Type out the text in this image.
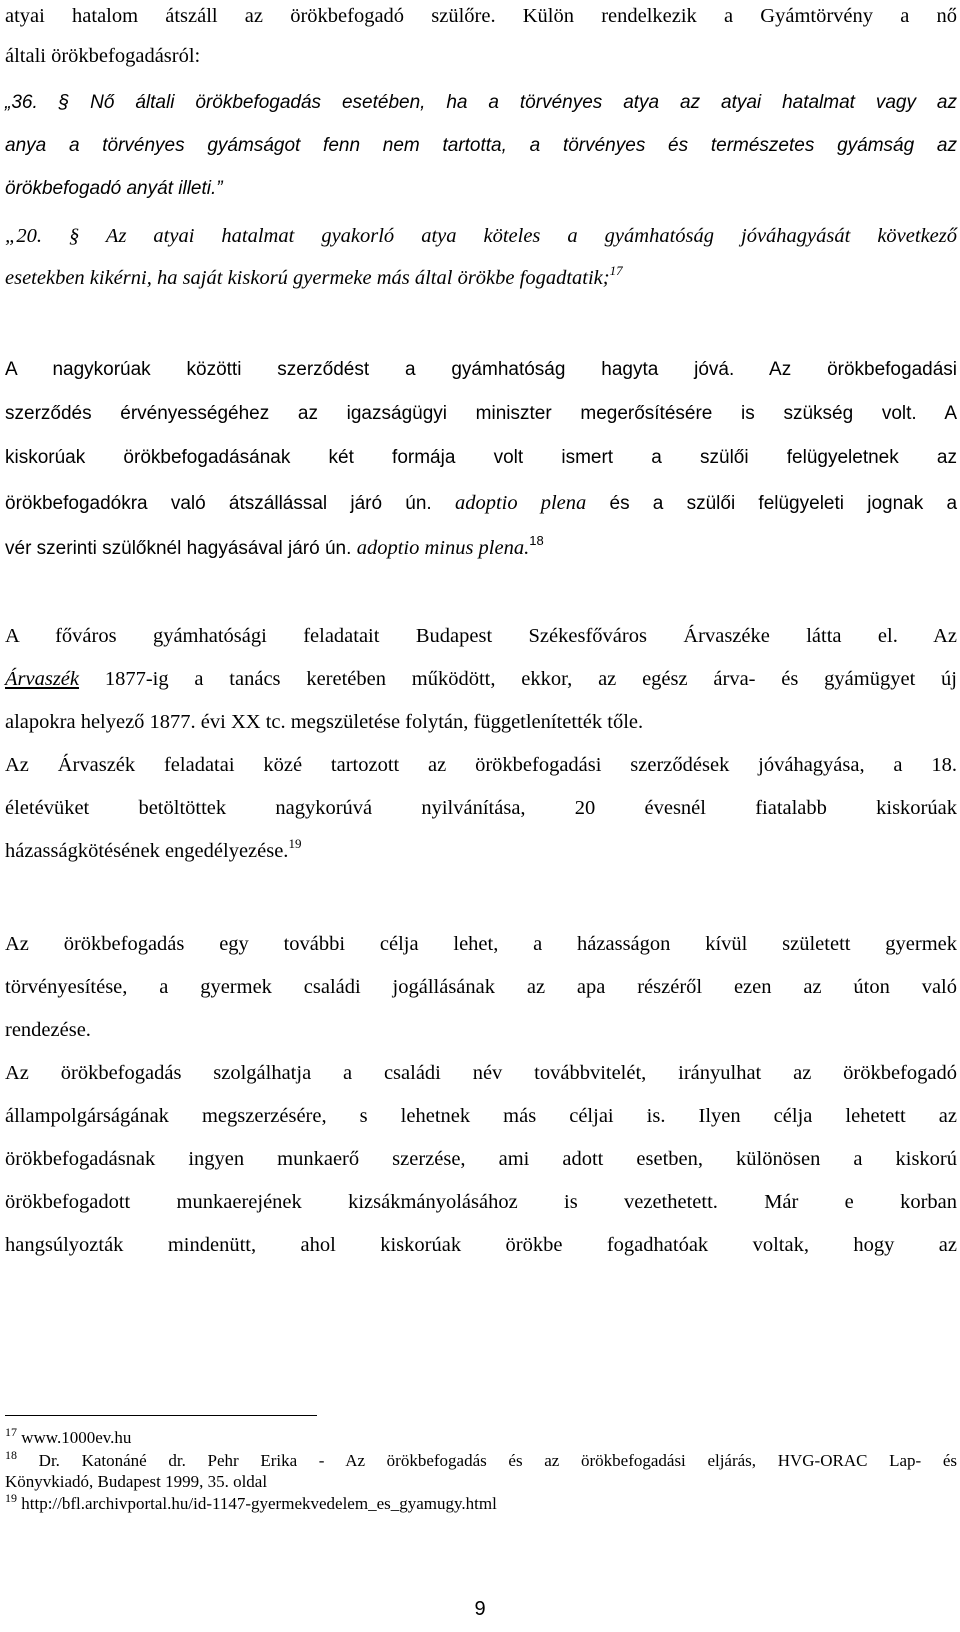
atyai hatalom átszáll az örökbefogadó szülőre. Külön rendelkezik a Gyámtörvény a nő

általi örökbefogadásról:

„36. § Nő általi örökbefogadás esetében, ha a törvényes atya az atyai hatalmat vagy az

anya a törvényes gyámságot fenn nem tartotta, a törvényes és természetes gyámság az

örökbefogadó anyát illeti.”

„20. § Az atyai hatalmat gyakorló atya köteles a gyámhatóság jóváhagyását következő

esetekben kikérni, ha saját kiskorú gyermeke más által örökbe fogadtatik;$^{17}$

A nagykorúak közötti szerződést a gyámhatóság hagyta jóvá. Az örökbefogadási

szerződés érvényességéhez az igazságügyi miniszter megerősítésére is szükség volt. A

kiskorúak örökbefogadásának két formája volt ismert a szülői felügyeletnek az

örökbefogadókra való átszállással járó ún. adoptio plena és a szülői felügyeleti jognak a

vér szerinti szülőknél hagyásával járó ún. adoptio minus plena.$^{18}$

A főváros gyámhatósági feladatait Budapest Székesfőváros Árvaszéke látta el. Az

Árvaszék 1877-ig a tanács keretében működött, ekkor, az egész árva- és gyámügyet új

alapokra helyező 1877. évi XX tc. megszületése folytán, függetlenítették tőle.

Az Árvaszék feladatai közé tartozott az örökbefogadási szerződések jóváhagyása, a 18.

életévüket betöltöttek nagykorúvá nyilvánítása, 20 évesnél fiatalabb kiskorúak

házasságkötésének engedélyezése.$^{19}$

Az örökbefogadás egy további célja lehet, a házasságon kívül született gyermek

törvényesítése, a gyermek családi jogállásának az apa részéről ezen az úton való

rendezése.

Az örökbefogadás szolgálhatja a családi név továbbvitelét, irányulhat az örökbefogadó

állampolgárságának megszerzésére, s lehetnek más céljai is. Ilyen célja lehetett az

örökbefogadásnak ingyen munkaerő szerzése, ami adott esetben, különösen a kiskorú

örökbefogadott munkaerejének kizsákmányolásához is vezethetett. Már e korban

hangsúlyozták mindenütt, ahol kiskorúak örökbe fogadhatóak voltak, hogy az

$^{17}$ www.1000ev.hu
$^{18}$ Dr. Katonáné dr. Pehr Erika - Az örökbefogadás és az örökbefogadási eljárás, HVG-ORAC Lap- és
Könyvkiadó, Budapest 1999, 35. oldal
$^{19}$ http://bfl.archivportal.hu/id-1147-gyermekvedelem_es_gyamugy.html
9
